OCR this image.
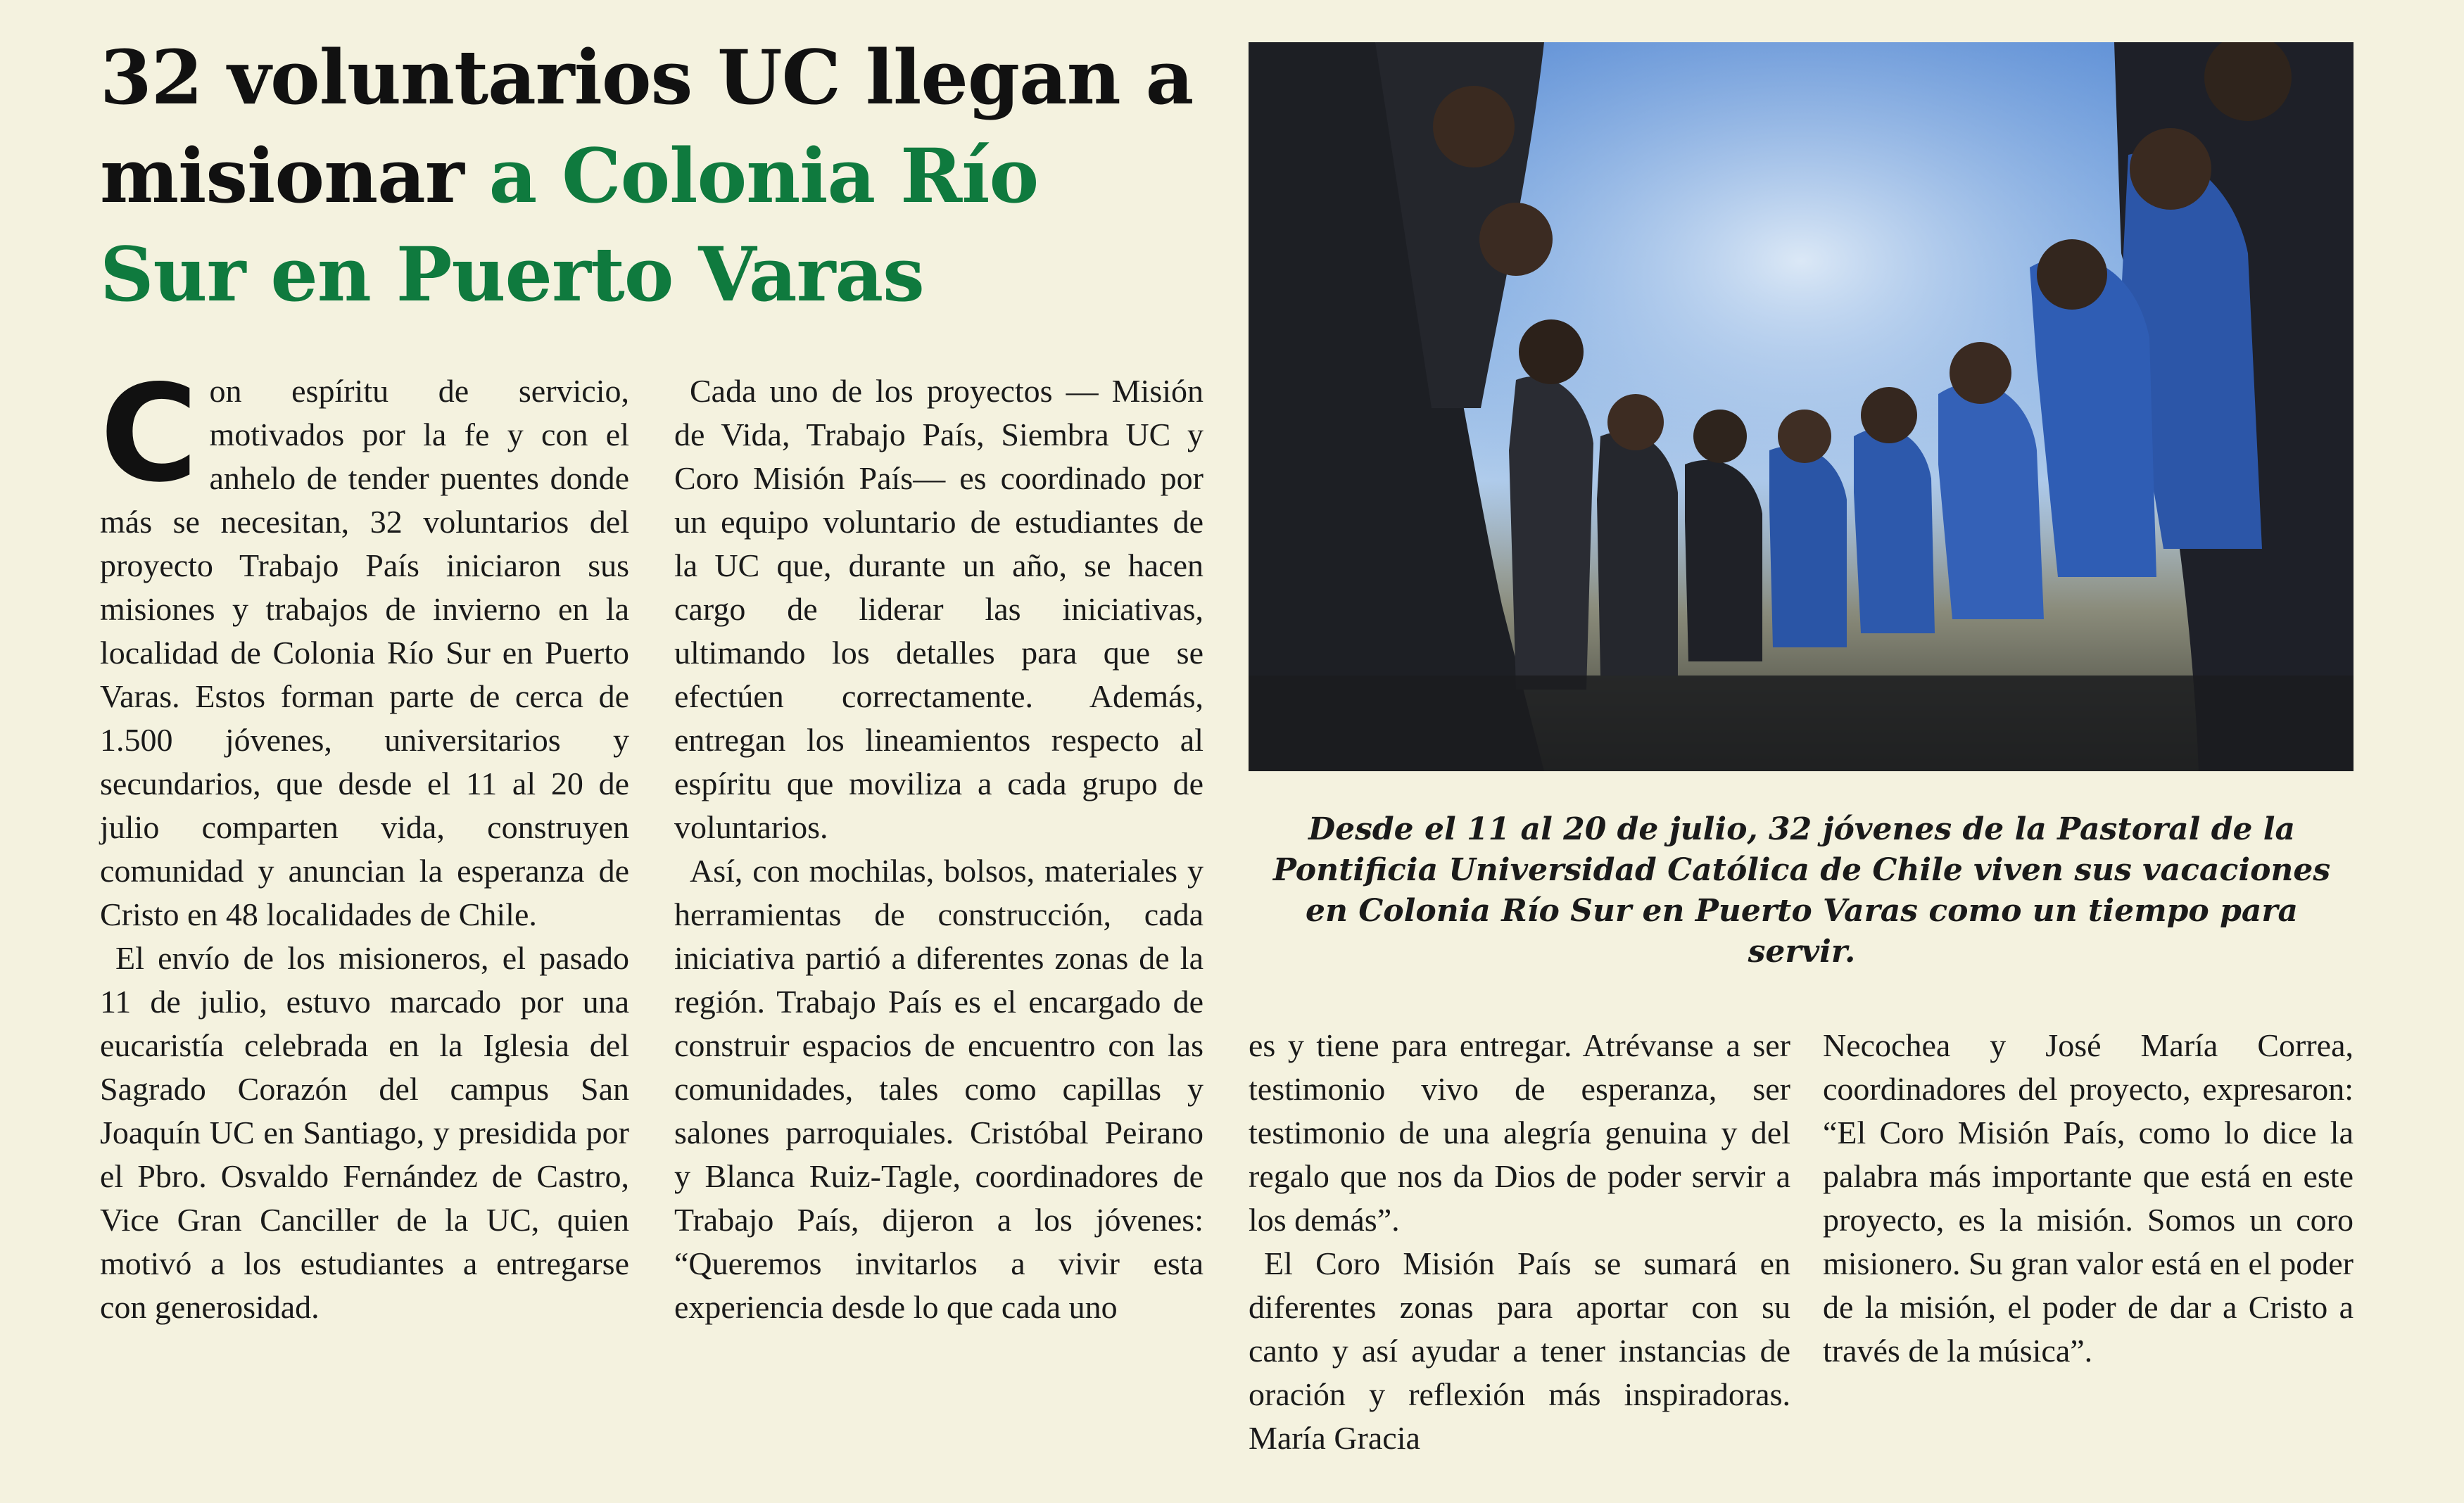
32 voluntarios UC llegan a misionar a Colonia Río Sur en Puerto Varas

Con espíritu de servicio, motivados por la fe y con el anhelo de tender puentes donde más se necesitan, 32 voluntarios del proyecto Trabajo País iniciaron sus misiones y trabajos de invierno en la localidad de Colonia Río Sur en Puerto Varas. Estos forman parte de cerca de 1.500 jóvenes, universitarios y secundarios, que desde el 11 al 20 de julio comparten vida, construyen comunidad y anuncian la esperanza de Cristo en 48 localidades de Chile.

El envío de los misioneros, el pasado 11 de julio, estuvo marcado por una eucaristía celebrada en la Iglesia del Sagrado Corazón del campus San Joaquín UC en Santiago, y presidida por el Pbro. Osvaldo Fernández de Castro, Vice Gran Canciller de la UC, quien motivó a los estudiantes a entregarse con generosidad.

Cada uno de los proyectos — Misión de Vida, Trabajo País, Siembra UC y Coro Misión País— es coordinado por un equipo voluntario de estudiantes de la UC que, durante un año, se hacen cargo de liderar las iniciativas, ultimando los detalles para que se efectúen correctamente. Además, entregan los lineamientos respecto al espíritu que moviliza a cada grupo de voluntarios.

Así, con mochilas, bolsos, materiales y herramientas de construcción, cada iniciativa partió a diferentes zonas de la región. Trabajo País es el encargado de construir espacios de encuentro con las comunidades, tales como capillas y salones parroquiales. Cristóbal Peirano y Blanca Ruiz-Tagle, coordinadores de Trabajo País, dijeron a los jóvenes: “Queremos invitarlos a vivir esta experiencia desde lo que cada uno

Desde el 11 al 20 de julio, 32 jóvenes de la Pastoral de la Pontificia Universidad Católica de Chile viven sus vacaciones en Colonia Río Sur en Puerto Varas como un tiempo para servir.

es y tiene para entregar. Atrévanse a ser testimonio vivo de esperanza, ser testimonio de una alegría genuina y del regalo que nos da Dios de poder servir a los demás”.

El Coro Misión País se sumará en diferentes zonas para aportar con su canto y así ayudar a tener instancias de oración y reflexión más inspiradoras. María Gracia

Necochea y José María Correa, coordinadores del proyecto, expresaron: “El Coro Misión País, como lo dice la palabra más importante que está en este proyecto, es la misión. Somos un coro misionero. Su gran valor está en el poder de la misión, el poder de dar a Cristo a través de la música”.
